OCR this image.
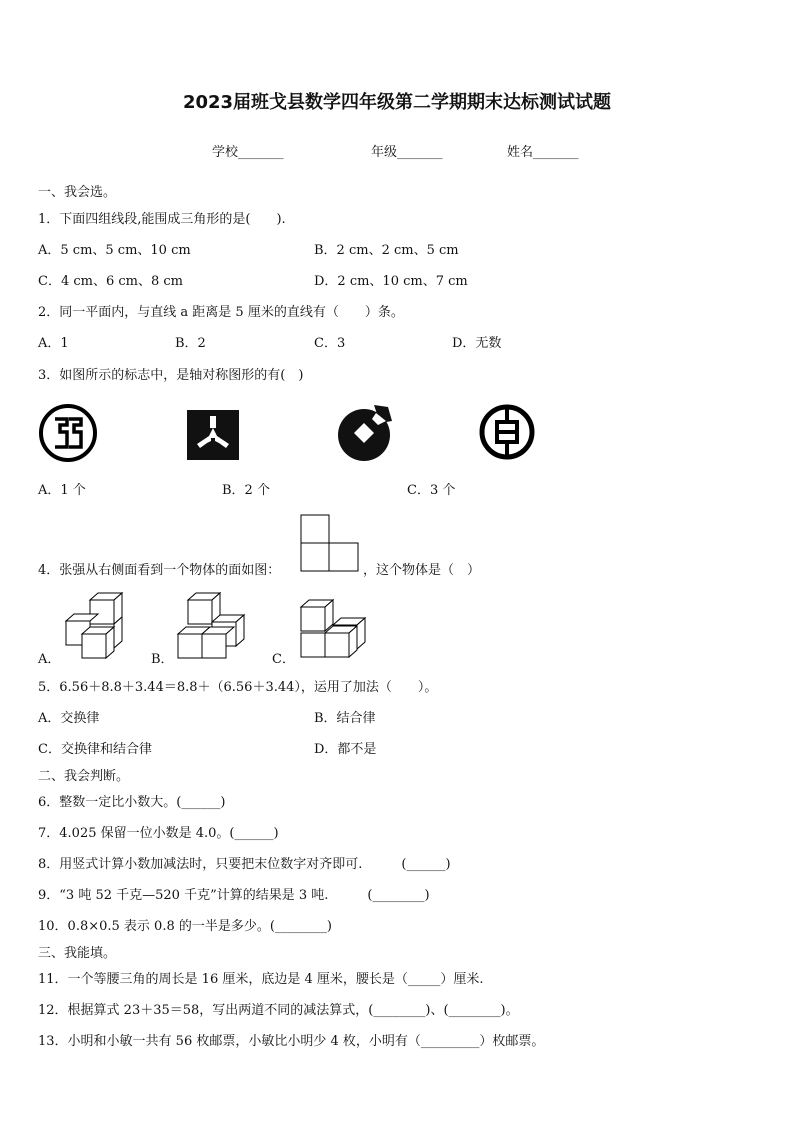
2023届班戈县数学四年级第二学期期末达标测试试题
学校_______	年级_______	姓名_______
一、我会选。
1．下面四组线段,能围成三角形的是(　　).
A．5 cm、5 cm、10 cm	B．2 cm、2 cm、5 cm
C．4 cm、6 cm、8 cm	D．2 cm、10 cm、7 cm
2．同一平面内，与直线 a 距离是 5 厘米的直线有（　　）条。
A．1	B．2	C．3	D．无数
3．如图所示的标志中，是轴对称图形的有(　)
A．1 个	B．2 个	C．3 个
4．张强从右侧面看到一个物体的面如图：	，这个物体是（　）
A．	B．	C．
5．6.56＋8.8＋3.44＝8.8＋（6.56＋3.44），运用了加法（　　）。
A．交换律	B．结合律
C．交换律和结合律	D．都不是
二、我会判断。
6．整数一定比小数大。(______)
7．4.025 保留一位小数是 4.0。(______)
8．用竖式计算小数加减法时，只要把末位数字对齐即可.　　　(______)
9．“3 吨 52 千克—520 千克”计算的结果是 3 吨.　　　(________)
10．0.8×0.5 表示 0.8 的一半是多少。(________)
三、我能填。
11．一个等腰三角的周长是 16 厘米，底边是 4 厘米，腰长是（_____）厘米.
12．根据算式 23＋35＝58，写出两道不同的减法算式，(________)、(________)。
13．小明和小敏一共有 56 枚邮票，小敏比小明少 4 枚，小明有（_________）枚邮票。
